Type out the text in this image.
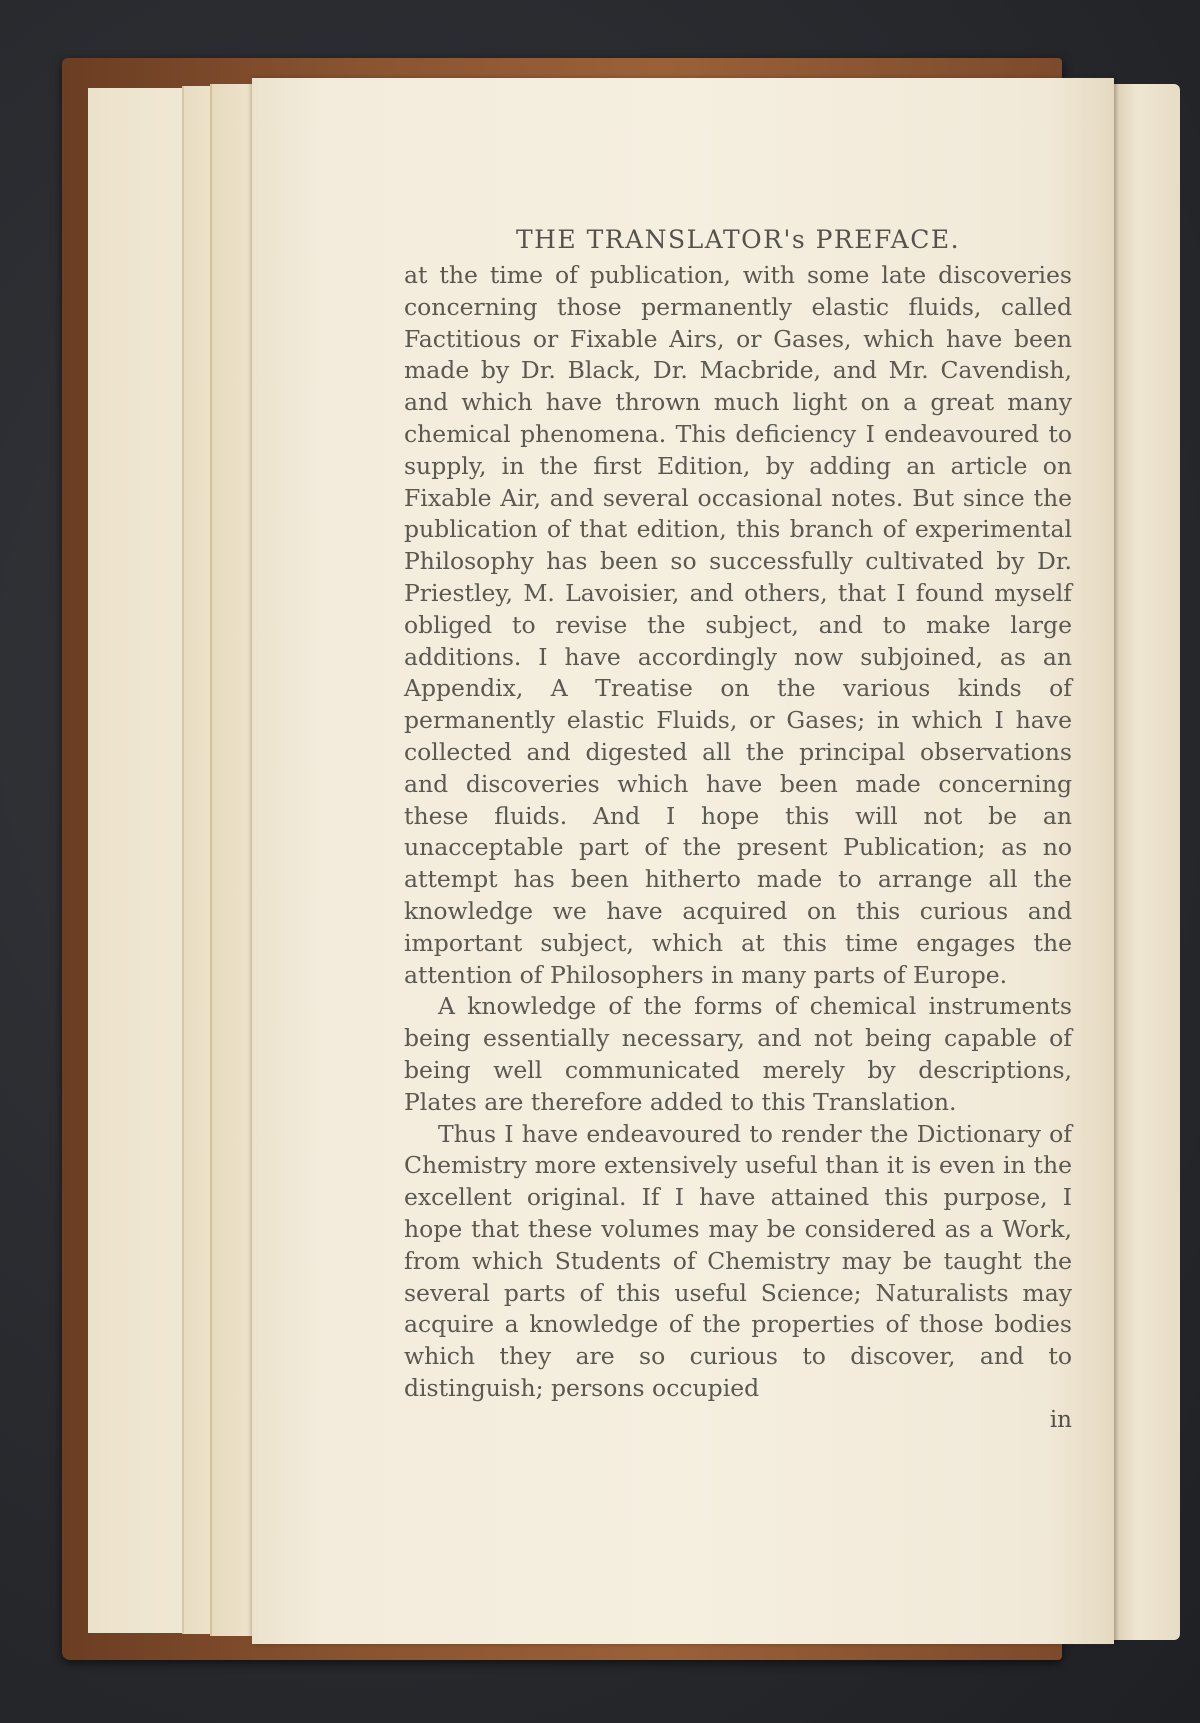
THE TRANSLATOR's PREFACE.

at the time of publication, with some late discoveries concerning those permanently elastic fluids, called Factitious or Fixable Airs, or Gases, which have been made by Dr. Black, Dr. Macbride, and Mr. Cavendish, and which have thrown much light on a great many chemical phenomena. This deficiency I endeavoured to supply, in the first Edition, by adding an article on Fixable Air, and several occasional notes. But since the publication of that edition, this branch of experimental Philosophy has been so successfully cultivated by Dr. Priestley, M. Lavoisier, and others, that I found myself obliged to revise the subject, and to make large additions. I have accordingly now subjoined, as an Appendix, A Treatise on the various kinds of permanently elastic Fluids, or Gases; in which I have collected and digested all the principal observations and discoveries which have been made concerning these fluids. And I hope this will not be an unacceptable part of the present Publication; as no attempt has been hitherto made to arrange all the knowledge we have acquired on this curious and important subject, which at this time engages the attention of Philosophers in many parts of Europe.

A knowledge of the forms of chemical instruments being essentially necessary, and not being capable of being well communicated merely by descriptions, Plates are therefore added to this Translation.

Thus I have endeavoured to render the Dictionary of Chemistry more extensively useful than it is even in the excellent original. If I have attained this purpose, I hope that these volumes may be considered as a Work, from which Students of Chemistry may be taught the several parts of this useful Science; Naturalists may acquire a knowledge of the properties of those bodies which they are so curious to discover, and to distinguish; persons occupied

in
